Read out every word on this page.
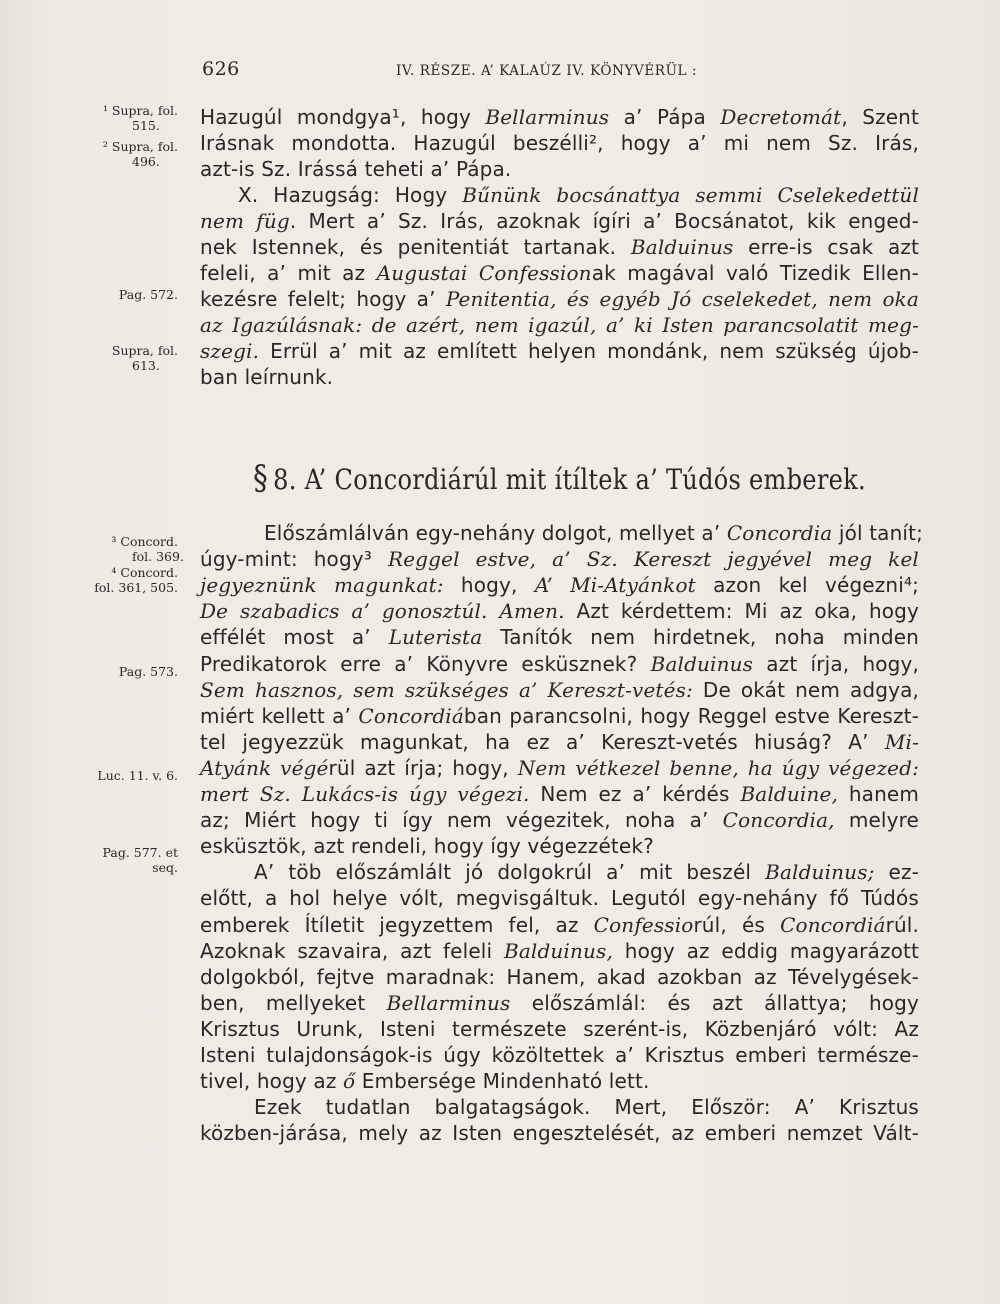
626	IV. RÉSZE. A’ KALAÚZ IV. KÖNYVÉRÜL :
¹ Supra, fol.
515.
² Supra, fol.
496.
Pag. 572.
Supra, fol.
613.
³ Concord.
fol. 369.
⁴ Concord.
fol. 361, 505.
Pag. 573.
Luc. 11. v. 6.
Pag. 577. et
seq.
§ 8. A’ Concordiárúl mit ítíltek a’ Túdós emberek.
Hazugúl mondgya¹, hogy Bellarminus a’ Pápa Decretomát, Szent
Irásnak mondotta. Hazugúl beszélli², hogy a’ mi nem Sz. Irás,
azt-is Sz. Irássá teheti a’ Pápa.
X. Hazugság: Hogy Bűnünk bocsánattya semmi Cselekedettül
nem füg. Mert a’ Sz. Irás, azoknak ígíri a’ Bocsánatot, kik enged-
nek Istennek, és penitentiát tartanak. Balduinus erre-is csak azt
feleli, a’ mit az Augustai Confessionak magával való Tizedik Ellen-
kezésre felelt; hogy a’ Penitentia, és egyéb Jó cselekedet, nem oka
az Igazúlásnak: de azért, nem igazúl, a’ ki Isten parancsolatit meg-
szegi. Errül a’ mit az említett helyen mondánk, nem szükség újob-
ban leírnunk.
Előszámlálván egy-nehány dolgot, mellyet a’ Concordia jól tanít;
úgy-mint: hogy³ Reggel estve, a’ Sz. Kereszt jegyével meg kel
jegyeznünk magunkat: hogy, A’ Mi-Atyánkot azon kel végezni⁴;
De szabadics a’ gonosztúl. Amen. Azt kérdettem: Mi az oka, hogy
effélét most a’ Luterista Tanítók nem hirdetnek, noha minden
Predikatorok erre a’ Könyvre esküsznek? Balduinus azt írja, hogy,
Sem hasznos, sem szükséges a’ Kereszt-vetés: De okát nem adgya,
miért kellett a’ Concordiában parancsolni, hogy Reggel estve Kereszt-
tel jegyezzük magunkat, ha ez a’ Kereszt-vetés hiuság? A’ Mi-
Atyánk végérül azt írja; hogy, Nem vétkezel benne, ha úgy végezed:
mert Sz. Lukács-is úgy végezi. Nem ez a’ kérdés Balduine, hanem
az; Miért hogy ti így nem végezitek, noha a’ Concordia, melyre
esküsztök, azt rendeli, hogy így végezzétek?
A’ töb előszámlált jó dolgokrúl a’ mit beszél Balduinus; ez-
előtt, a hol helye vólt, megvisgáltuk. Legutól egy-nehány fő Túdós
emberek Ítíletit jegyzettem fel, az Confessiorúl, és Concordiárúl.
Azoknak szavaira, azt feleli Balduinus, hogy az eddig magyarázott
dolgokból, fejtve maradnak: Hanem, akad azokban az Tévelygések-
ben, mellyeket Bellarminus előszámlál: és azt állattya; hogy
Krisztus Urunk, Isteni természete szerént-is, Közbenjáró vólt: Az
Isteni tulajdonságok-is úgy közöltettek a’ Krisztus emberi természe-
tivel, hogy az ő Embersége Mindenható lett.
Ezek tudatlan balgatagságok. Mert, Először: A’ Krisztus
közben-járása, mely az Isten engesztelését, az emberi nemzet Vált-
